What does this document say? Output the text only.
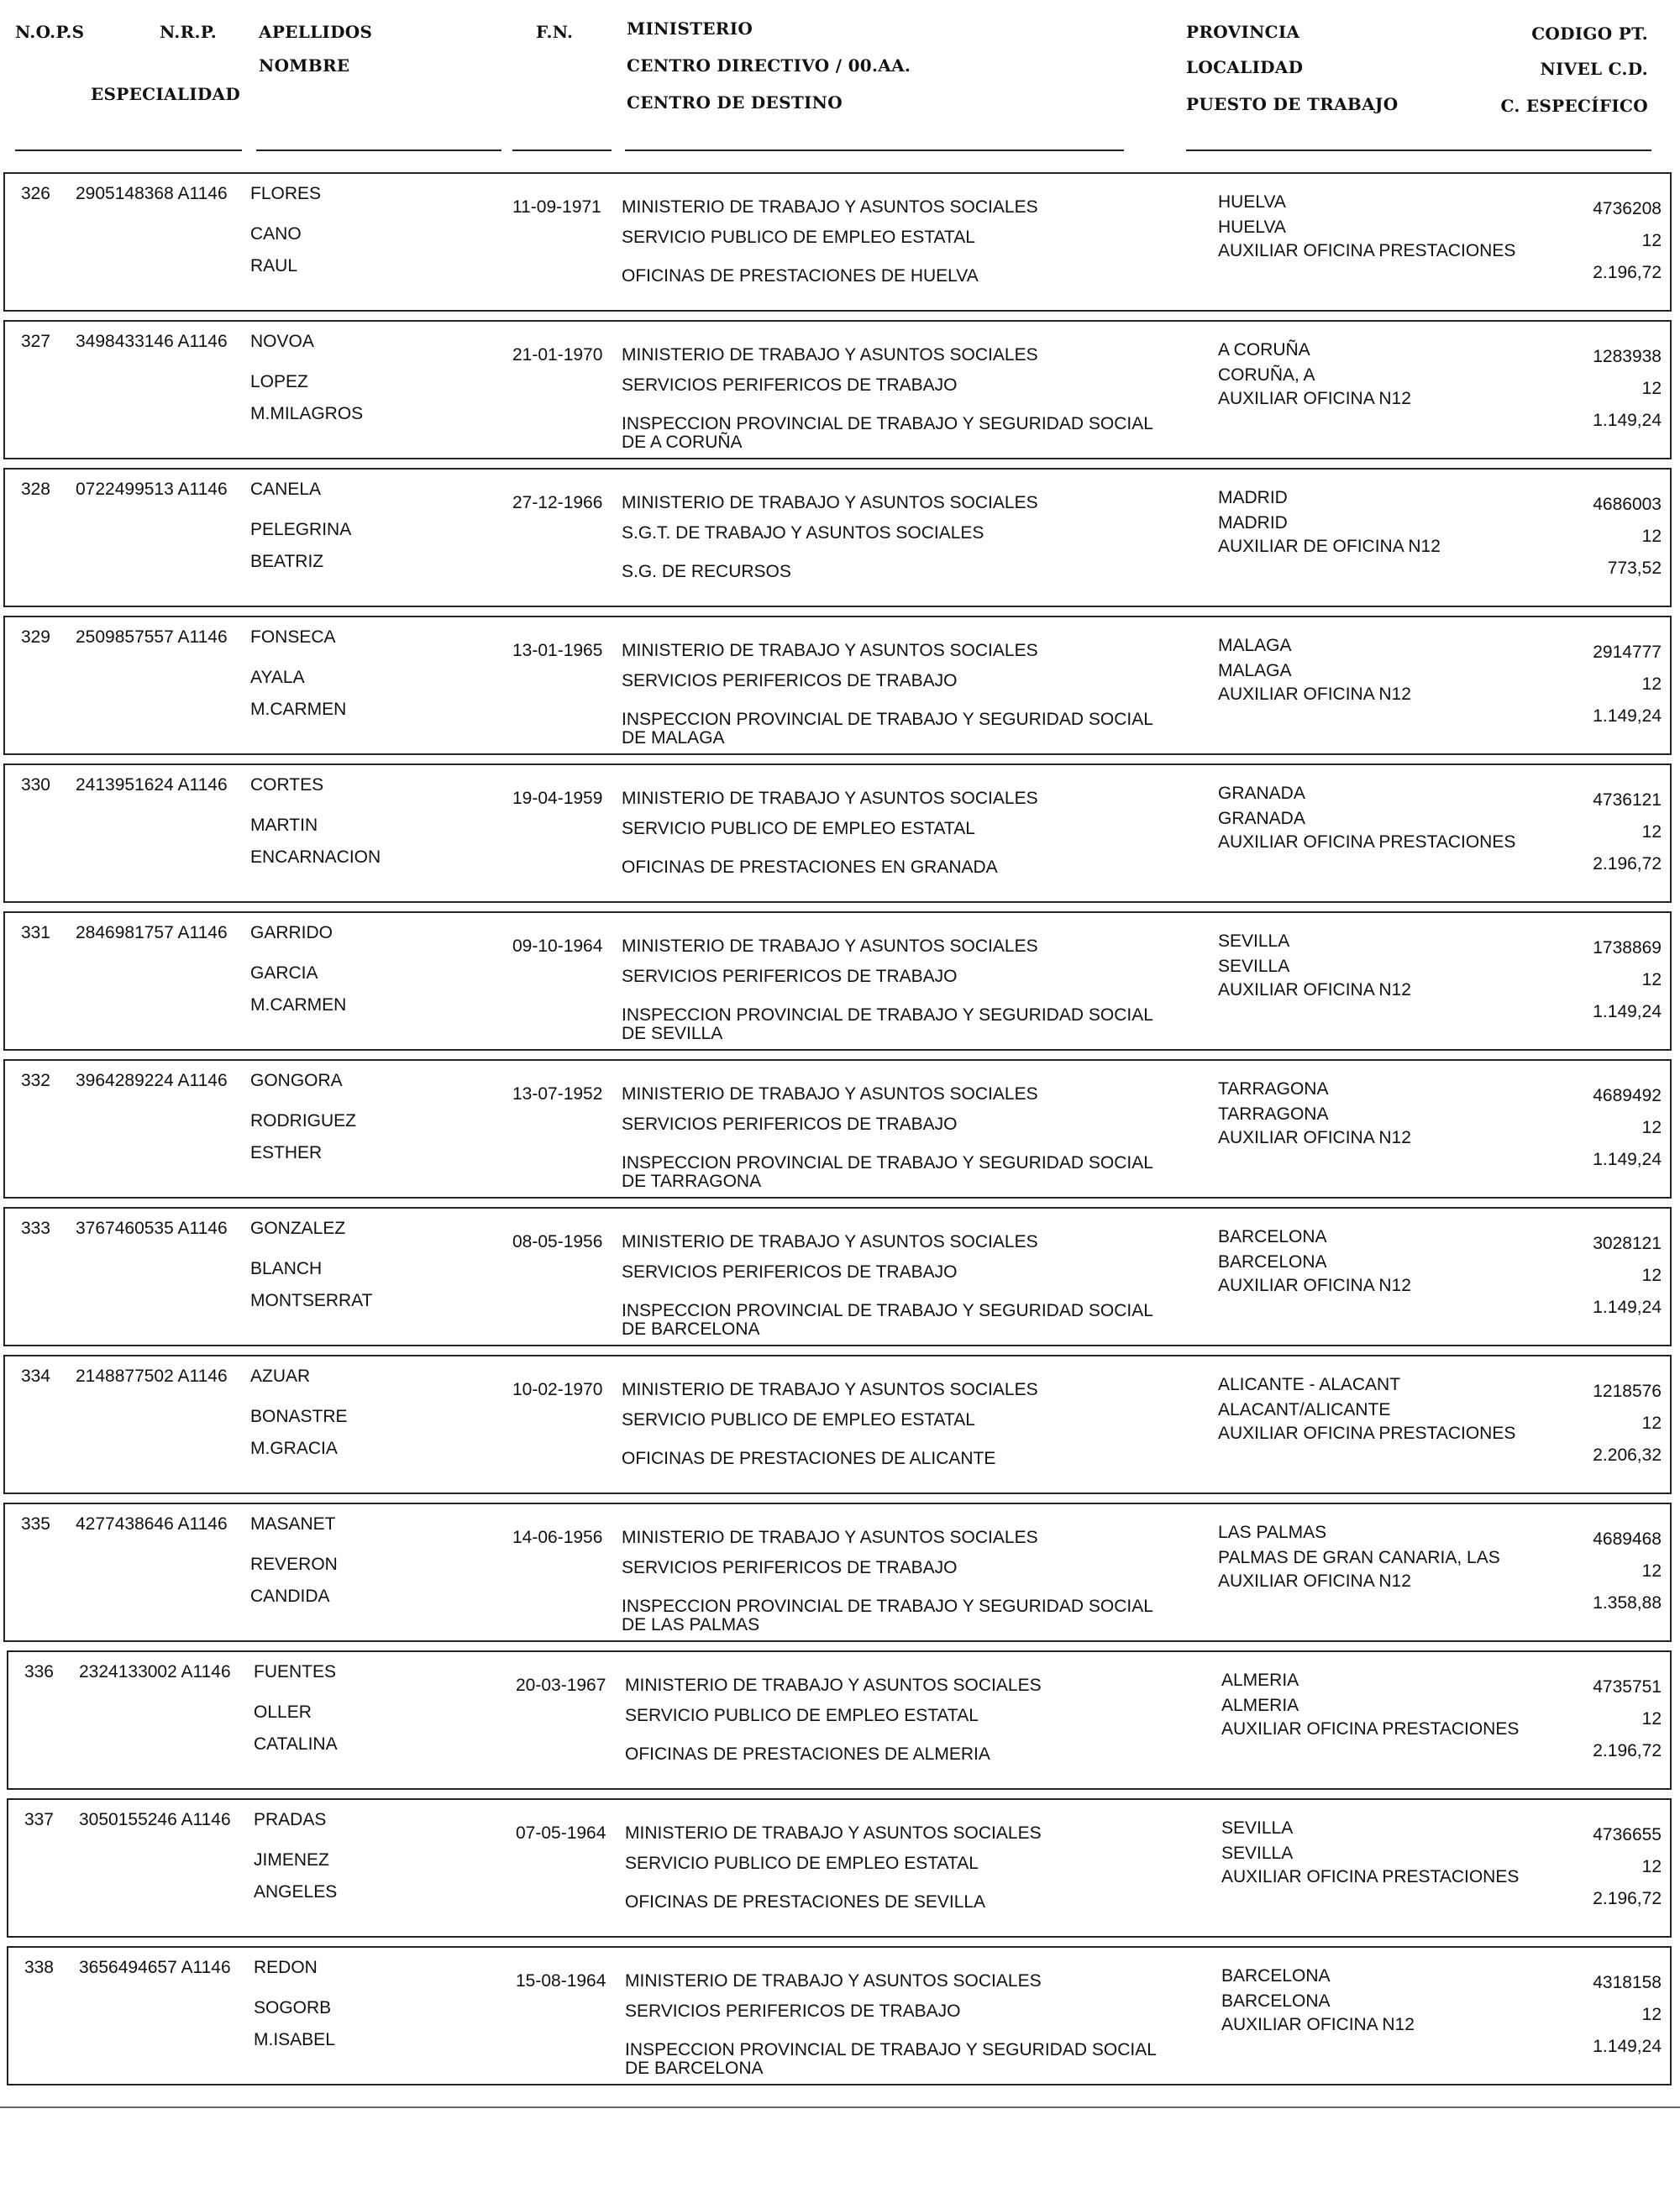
N.O.P.S	N.R.P. APELLIDOS
NOMBRE
ESPECIALIDAD
F.N.	MINISTERIO
CENTRO DIRECTIVO / 00.AA.
CENTRO DE DESTINO
PROVINCIA
LOCALIDAD
PUESTO DE TRABAJO
CODIGO PT.
NIVEL C.D.
C. ESPECÍFICO
326 2905148368 A1146 FLORES
CANO
RAUL
11-09-1971 MINISTERIO DE TRABAJO Y ASUNTOS SOCIALES
SERVICIO PUBLICO DE EMPLEO ESTATAL
OFICINAS DE PRESTACIONES DE HUELVA
HUELVA
HUELVA
AUXILIAR OFICINA PRESTACIONES
4736208
12
2.196,72
327 3498433146 A1146 NOVOA
LOPEZ
M.MILAGROS
21-01-1970 MINISTERIO DE TRABAJO Y ASUNTOS SOCIALES
SERVICIOS PERIFERICOS DE TRABAJO
INSPECCION PROVINCIAL DE TRABAJO Y SEGURIDAD SOCIAL
DE A CORUÑA
A CORUÑA
CORUÑA, A
AUXILIAR OFICINA N12
1283938
12
1.149,24
328 0722499513 A1146 CANELA
PELEGRINA
BEATRIZ
27-12-1966 MINISTERIO DE TRABAJO Y ASUNTOS SOCIALES
S.G.T. DE TRABAJO Y ASUNTOS SOCIALES
S.G. DE RECURSOS
MADRID
MADRID
AUXILIAR DE OFICINA N12
4686003
12
773,52
329 2509857557 A1146 FONSECA
AYALA
M.CARMEN
13-01-1965 MINISTERIO DE TRABAJO Y ASUNTOS SOCIALES
SERVICIOS PERIFERICOS DE TRABAJO
INSPECCION PROVINCIAL DE TRABAJO Y SEGURIDAD SOCIAL
DE MALAGA
MALAGA
MALAGA
AUXILIAR OFICINA N12
2914777
12
1.149,24
330 2413951624 A1146 CORTES
MARTIN
ENCARNACION
19-04-1959 MINISTERIO DE TRABAJO Y ASUNTOS SOCIALES
SERVICIO PUBLICO DE EMPLEO ESTATAL
OFICINAS DE PRESTACIONES EN GRANADA
GRANADA
GRANADA
AUXILIAR OFICINA PRESTACIONES
4736121
12
2.196,72
331 2846981757 A1146 GARRIDO
GARCIA
M.CARMEN
09-10-1964 MINISTERIO DE TRABAJO Y ASUNTOS SOCIALES
SERVICIOS PERIFERICOS DE TRABAJO
INSPECCION PROVINCIAL DE TRABAJO Y SEGURIDAD SOCIAL
DE SEVILLA
SEVILLA
SEVILLA
AUXILIAR OFICINA N12
1738869
12
1.149,24
332 3964289224 A1146 GONGORA
RODRIGUEZ
ESTHER
13-07-1952 MINISTERIO DE TRABAJO Y ASUNTOS SOCIALES
SERVICIOS PERIFERICOS DE TRABAJO
INSPECCION PROVINCIAL DE TRABAJO Y SEGURIDAD SOCIAL
DE TARRAGONA
TARRAGONA
TARRAGONA
AUXILIAR OFICINA N12
4689492
12
1.149,24
333 3767460535 A1146 GONZALEZ
BLANCH
MONTSERRAT
08-05-1956 MINISTERIO DE TRABAJO Y ASUNTOS SOCIALES
SERVICIOS PERIFERICOS DE TRABAJO
INSPECCION PROVINCIAL DE TRABAJO Y SEGURIDAD SOCIAL
DE BARCELONA
BARCELONA
BARCELONA
AUXILIAR OFICINA N12
3028121
12
1.149,24
334 2148877502 A1146 AZUAR
BONASTRE
M.GRACIA
10-02-1970 MINISTERIO DE TRABAJO Y ASUNTOS SOCIALES
SERVICIO PUBLICO DE EMPLEO ESTATAL
OFICINAS DE PRESTACIONES DE ALICANTE
ALICANTE - ALACANT
ALACANT/ALICANTE
AUXILIAR OFICINA PRESTACIONES
1218576
12
2.206,32
335 4277438646 A1146 MASANET
REVERON
CANDIDA
14-06-1956 MINISTERIO DE TRABAJO Y ASUNTOS SOCIALES
SERVICIOS PERIFERICOS DE TRABAJO
INSPECCION PROVINCIAL DE TRABAJO Y SEGURIDAD SOCIAL
DE LAS PALMAS
LAS PALMAS
PALMAS DE GRAN CANARIA, LAS
AUXILIAR OFICINA N12
4689468
12
1.358,88
336 2324133002 A1146 FUENTES
OLLER
CATALINA
20-03-1967 MINISTERIO DE TRABAJO Y ASUNTOS SOCIALES
SERVICIO PUBLICO DE EMPLEO ESTATAL
OFICINAS DE PRESTACIONES DE ALMERIA
ALMERIA
ALMERIA
AUXILIAR OFICINA PRESTACIONES
4735751
12
2.196,72
337 3050155246 A1146 PRADAS
JIMENEZ
ANGELES
07-05-1964 MINISTERIO DE TRABAJO Y ASUNTOS SOCIALES
SERVICIO PUBLICO DE EMPLEO ESTATAL
OFICINAS DE PRESTACIONES DE SEVILLA
SEVILLA
SEVILLA
AUXILIAR OFICINA PRESTACIONES
4736655
12
2.196,72
338 3656494657 A1146 REDON
SOGORB
M.ISABEL
15-08-1964 MINISTERIO DE TRABAJO Y ASUNTOS SOCIALES
SERVICIOS PERIFERICOS DE TRABAJO
INSPECCION PROVINCIAL DE TRABAJO Y SEGURIDAD SOCIAL
DE BARCELONA
BARCELONA
BARCELONA
AUXILIAR OFICINA N12
4318158
12
1.149,24
